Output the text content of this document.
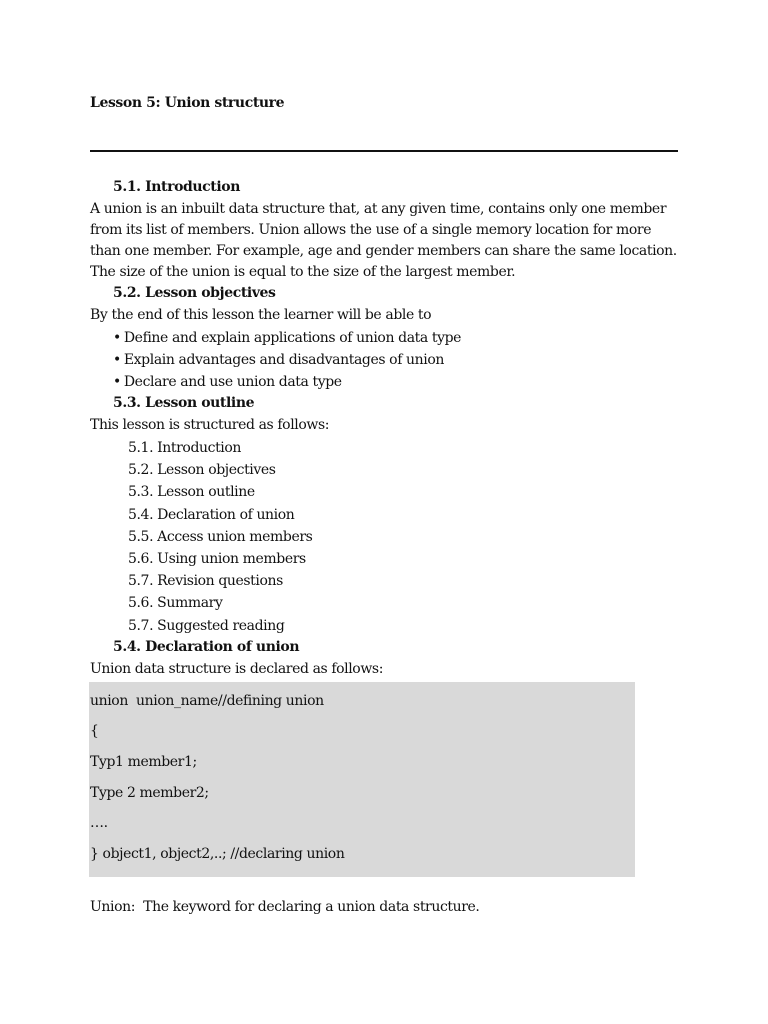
Lesson 5: Union structure
5.1. Introduction

A union is an inbuilt data structure that, at any given time, contains only one member
from its list of members. Union allows the use of a single memory location for more
than one member. For example, age and gender members can share the same location.
The size of the union is equal to the size of the largest member.

5.2. Lesson objectives

By the end of this lesson the learner will be able to

• Define and explain applications of union data type
• Explain advantages and disadvantages of union
• Declare and use union data type
5.3. Lesson outline

This lesson is structured as follows:

5.1. Introduction
5.2. Lesson objectives
5.3. Lesson outline
5.4. Declaration of union
5.5. Access union members
5.6. Using union members
5.7. Revision questions
5.6. Summary
5.7. Suggested reading
5.4. Declaration of union

Union data structure is declared as follows:

union  union_name//defining union
{
Typ1 member1;
Type 2 member2;
….
} object1, object2,..; //declaring union

Union:  The keyword for declaring a union data structure.
